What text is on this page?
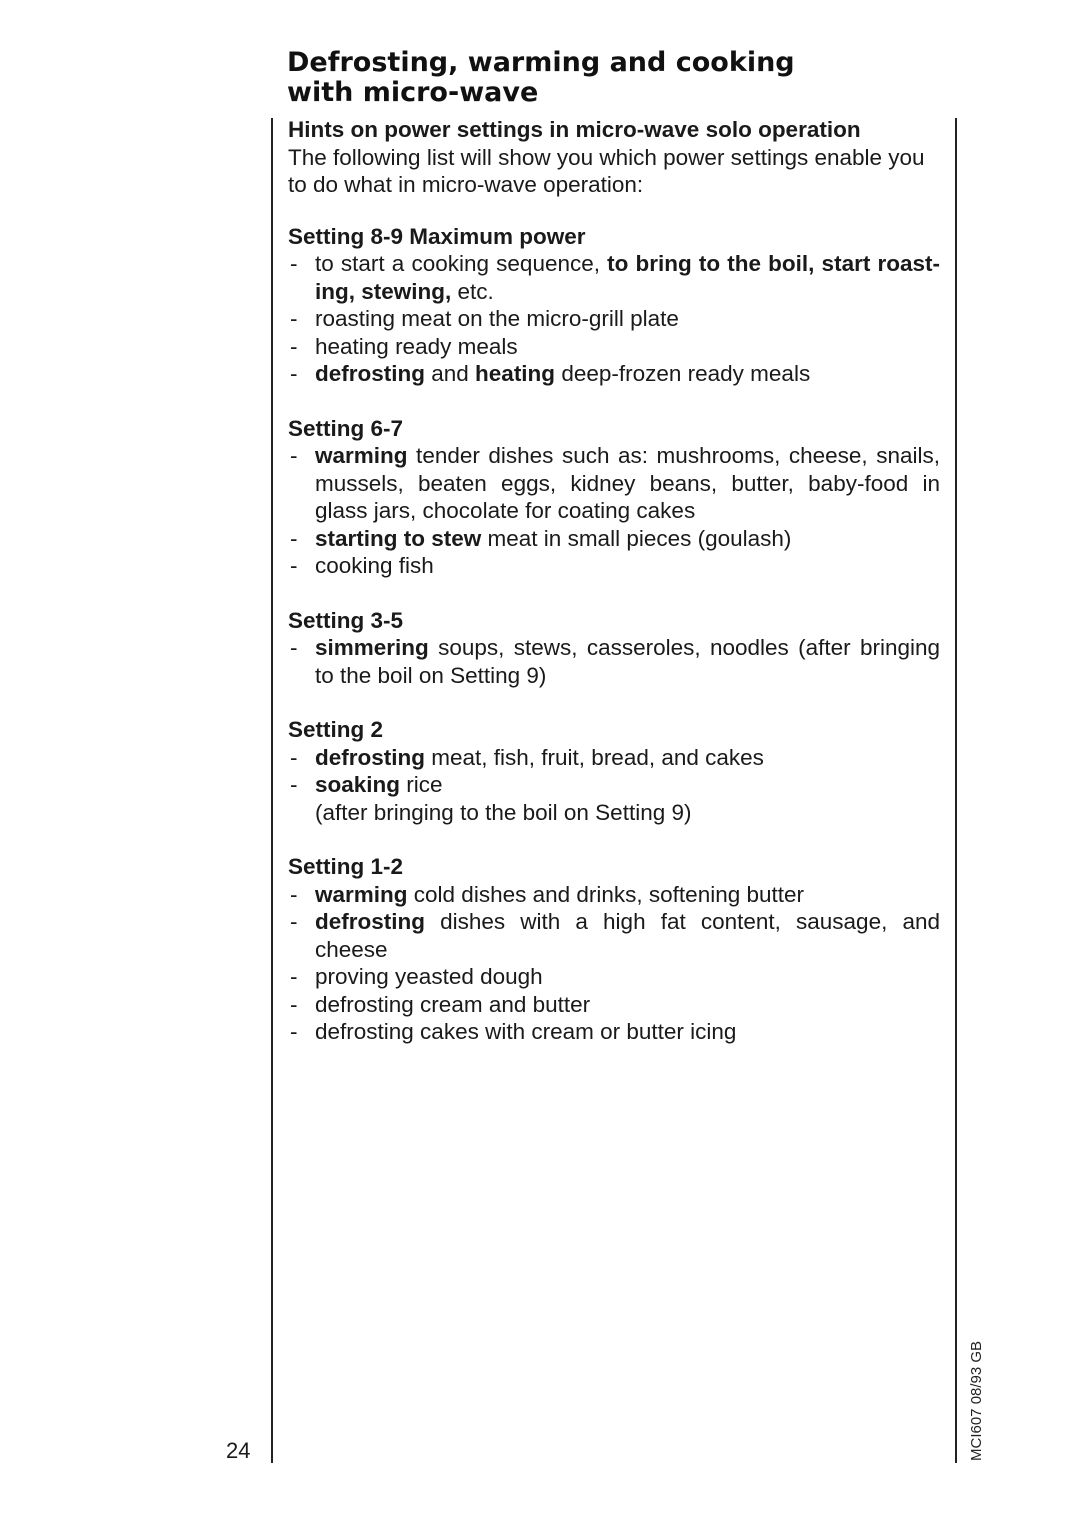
Defrosting, warming and cooking
with micro-wave

Hints on power settings in micro-wave solo operation

The following list will show you which power settings enable you to do what in micro-wave operation:

Setting 8-9 Maximum power

- to start a cooking sequence, to bring to the boil, start roasting, stewing, etc.
- roasting meat on the micro-grill plate
- heating ready meals
- defrosting and heating deep-frozen ready meals

Setting 6-7

- warming tender dishes such as: mushrooms, cheese, snails, mussels, beaten eggs, kidney beans, butter, baby-food in glass jars, chocolate for coating cakes
- starting to stew meat in small pieces (goulash)
- cooking fish

Setting 3-5

- simmering soups, stews, casseroles, noodles (after bringing to the boil on Setting 9)

Setting 2

- defrosting meat, fish, fruit, bread, and cakes
- soaking rice
(after bringing to the boil on Setting 9)

Setting 1-2

- warming cold dishes and drinks, softening butter
- defrosting dishes with a high fat content, sausage, and cheese
- proving yeasted dough
- defrosting cream and butter
- defrosting cakes with cream or butter icing
24	MCI607 08/93 GB
